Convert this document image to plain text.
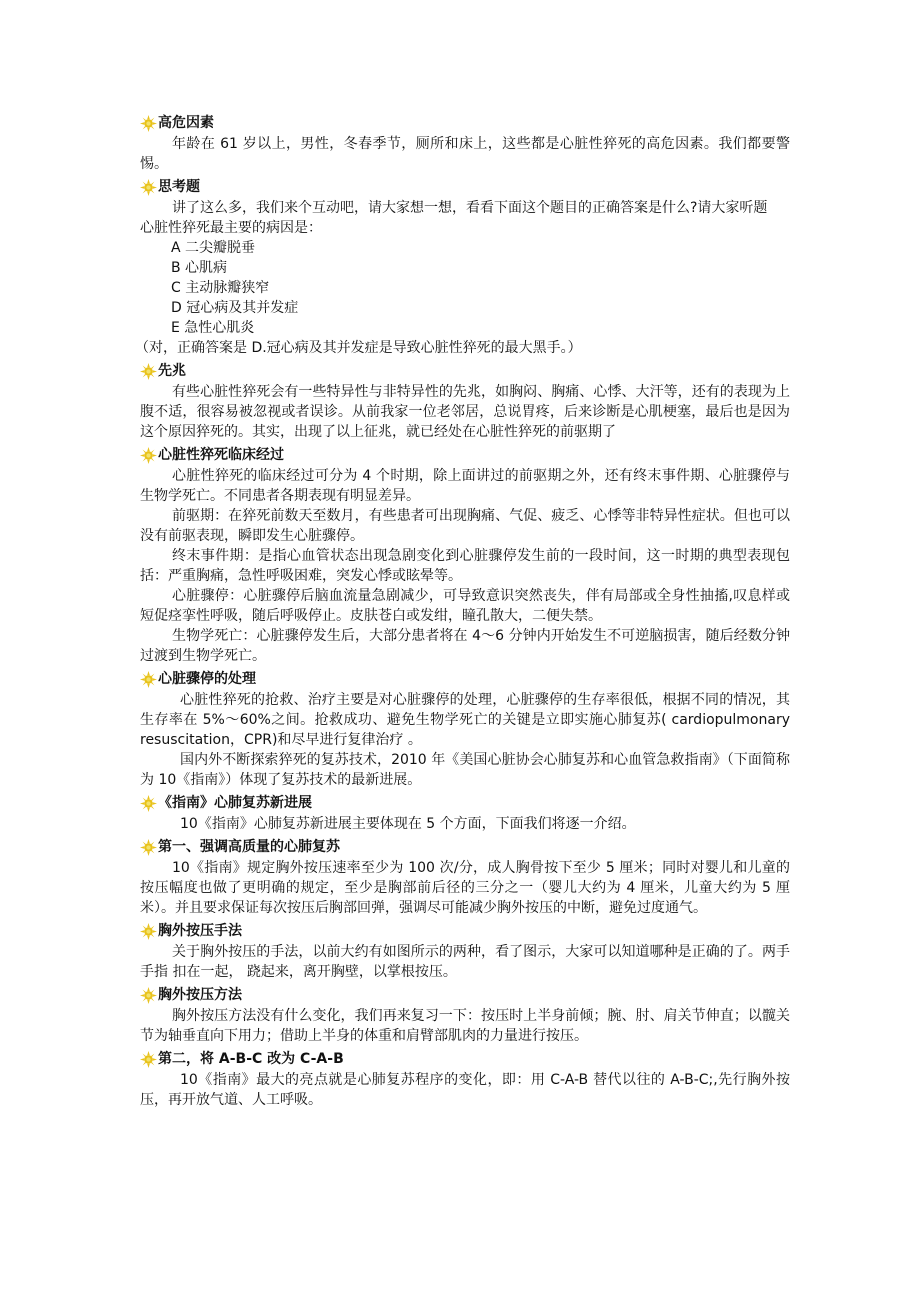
高危因素

年龄在 61 岁以上，男性，冬春季节，厕所和床上，这些都是心脏性猝死的高危因素。我们都要警惕。

思考题

讲了这么多，我们来个互动吧，请大家想一想，看看下面这个题目的正确答案是什么?请大家听题

心脏性猝死最主要的病因是：

A 二尖瓣脱垂

B 心肌病

C 主动脉瓣狭窄

D 冠心病及其并发症

E 急性心肌炎

（对，正确答案是 D.冠心病及其并发症是导致心脏性猝死的最大黑手。）

先兆

有些心脏性猝死会有一些特异性与非特异性的先兆，如胸闷、胸痛、心悸、大汗等，还有的表现为上腹不适，很容易被忽视或者误诊。从前我家一位老邻居，总说胃疼，后来诊断是心肌梗塞，最后也是因为这个原因猝死的。其实，出现了以上征兆，就已经处在心脏性猝死的前驱期了

心脏性猝死临床经过

心脏性猝死的临床经过可分为 4 个时期，除上面讲过的前驱期之外，还有终末事件期、心脏骤停与生物学死亡。不同患者各期表现有明显差异。

前驱期：在猝死前数天至数月，有些患者可出现胸痛、气促、疲乏、心悸等非特异性症状。但也可以没有前驱表现，瞬即发生心脏骤停。

终末事件期：是指心血管状态出现急剧变化到心脏骤停发生前的一段时间，这一时期的典型表现包括：严重胸痛，急性呼吸困难，突发心悸或眩晕等。

心脏骤停：心脏骤停后脑血流量急剧减少，可导致意识突然丧失，伴有局部或全身性抽搐,叹息样或短促痉挛性呼吸，随后呼吸停止。皮肤苍白或发绀，瞳孔散大，二便失禁。

生物学死亡：心脏骤停发生后，大部分患者将在 4～6 分钟内开始发生不可逆脑损害，随后经数分钟过渡到生物学死亡。

心脏骤停的处理

心脏性猝死的抢救、治疗主要是对心脏骤停的处理，心脏骤停的生存率很低，根据不同的情况，其生存率在 5%～60%之间。抢救成功、避免生物学死亡的关键是立即实施心肺复苏( cardiopulmonary resuscitation，CPR)和尽早进行复律治疗 。

国内外不断探索猝死的复苏技术，2010 年《美国心脏协会心肺复苏和心血管急救指南》（下面简称为 10《指南》）体现了复苏技术的最新进展。

《指南》心肺复苏新进展

10《指南》心肺复苏新进展主要体现在 5 个方面，下面我们将逐一介绍。

第一、强调高质量的心肺复苏

10《指南》规定胸外按压速率至少为 100 次/分，成人胸骨按下至少 5 厘米；同时对婴儿和儿童的按压幅度也做了更明确的规定，至少是胸部前后径的三分之一（婴儿大约为 4 厘米，儿童大约为 5 厘米）。并且要求保证每次按压后胸部回弹，强调尽可能减少胸外按压的中断，避免过度通气。

胸外按压手法

关于胸外按压的手法，以前大约有如图所示的两种，看了图示，大家可以知道哪种是正确的了。两手手指 扣在一起， 跷起来，离开胸壁，以掌根按压。

胸外按压方法

胸外按压方法没有什么变化，我们再来复习一下：按压时上半身前倾；腕、肘、肩关节伸直；以髋关节为轴垂直向下用力；借助上半身的体重和肩臂部肌肉的力量进行按压。

第二，将 A-B-C 改为 C-A-B

10《指南》最大的亮点就是心肺复苏程序的变化，即：用 C-A-B 替代以往的 A-B-C;,先行胸外按压，再开放气道、人工呼吸。
